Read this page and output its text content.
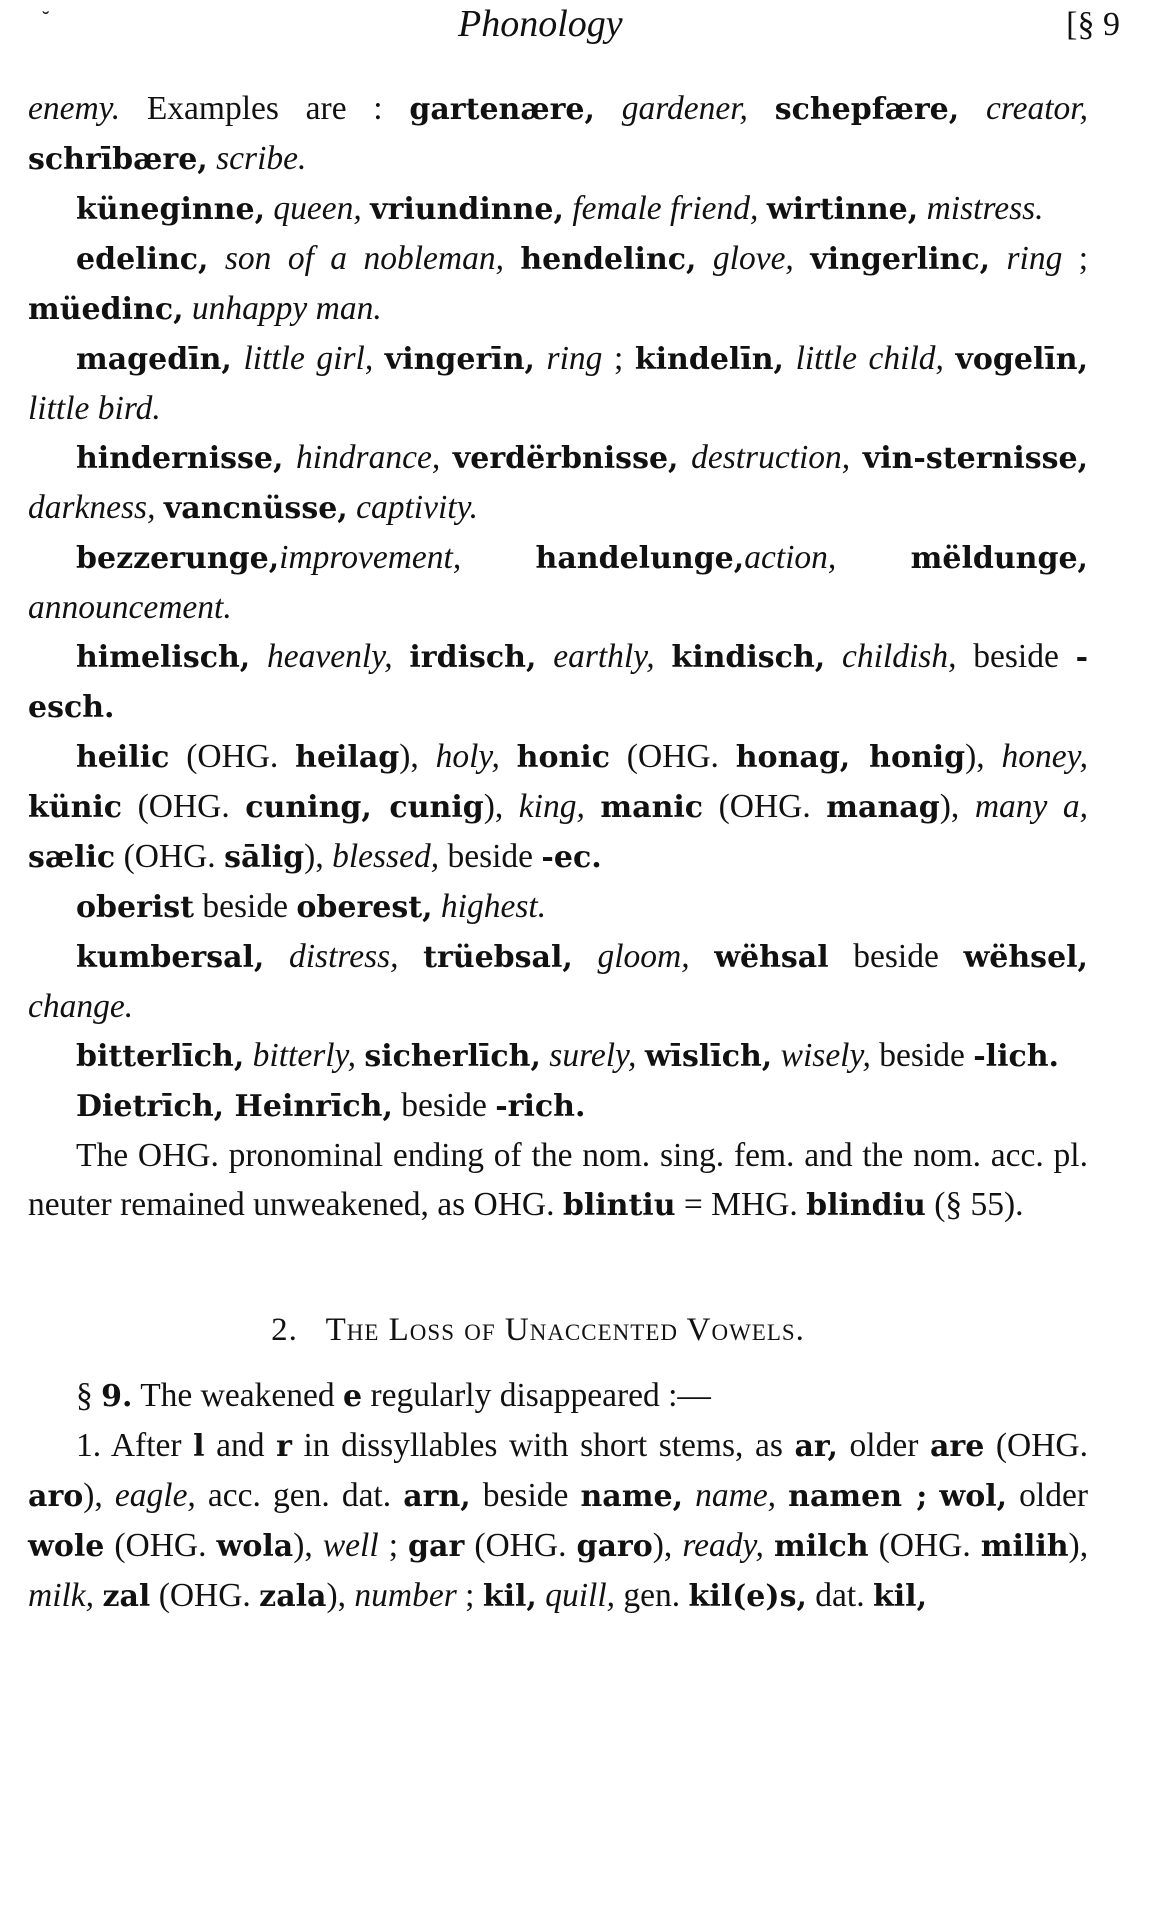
˘	Phonology	[§ 9

enemy. Examples are : gartenære, gardener, schepfære, creator, schrībære, scribe.

küneginne, queen, vriundinne, female friend, wirtinne, mistress.

edelinc, son of a nobleman, hendelinc, glove, vingerlinc, ring ; müedinc, unhappy man.

magedīn, little girl, vingerīn, ring ; kindelīn, little child, vogelīn, little bird.

hindernisse, hindrance, verdërbnisse, destruction, vin-sternisse, darkness, vancnüsse, captivity.

bezzerunge,improvement, handelunge,action, mëldunge, announcement.

himelisch, heavenly, irdisch, earthly, kindisch, childish, beside -esch.

heilic (OHG. heilag), holy, honic (OHG. honag, honig), honey, künic (OHG. cuning, cunig), king, manic (OHG. manag), many a, sælic (OHG. sālig), blessed, beside -ec.

oberist beside oberest, highest.

kumbersal, distress, trüebsal, gloom, wëhsal beside wëhsel, change.

bitterlīch, bitterly, sicherlīch, surely, wīslīch, wisely, beside -lich.

Dietrīch, Heinrīch, beside -rich.

The OHG. pronominal ending of the nom. sing. fem. and the nom. acc. pl. neuter remained unweakened, as OHG. blintiu = MHG. blindiu (§ 55).

2. The Loss of Unaccented Vowels.

§ 9. The weakened e regularly disappeared :—

1. After l and r in dissyllables with short stems, as ar, older are (OHG. aro), eagle, acc. gen. dat. arn, beside name, name, namen ; wol, older wole (OHG. wola), well ; gar (OHG. garo), ready, milch (OHG. milih), milk, zal (OHG. zala), number ; kil, quill, gen. kil(e)s, dat. kil,
